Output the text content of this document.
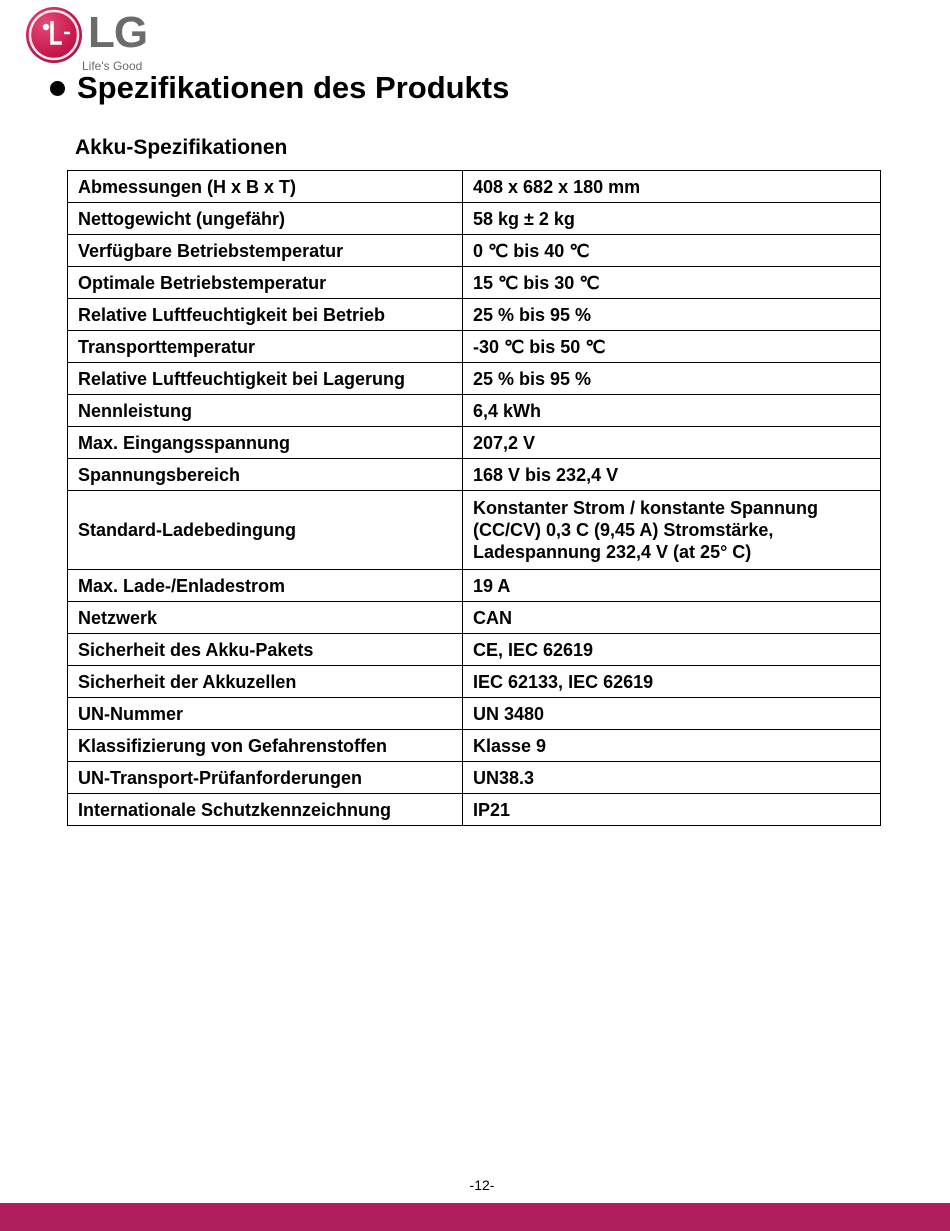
LG
Life's Good
Spezifikationen des Produkts
Akku-Spezifikationen
Abmessungen (H x B x T)	408 x 682 x 180 mm
Nettogewicht (ungefähr)	58 kg ± 2 kg
Verfügbare Betriebstemperatur	0 ℃ bis 40 ℃
Optimale Betriebstemperatur	15 ℃ bis 30 ℃
Relative Luftfeuchtigkeit bei Betrieb	25 % bis 95 %
Transporttemperatur	-30 ℃ bis 50 ℃
Relative Luftfeuchtigkeit bei Lagerung	25 % bis 95 %
Nennleistung	6,4 kWh
Max. Eingangsspannung	207,2 V
Spannungsbereich	168 V bis 232,4 V
Standard-Ladebedingung	Konstanter Strom / konstante Spannung
(CC/CV) 0,3 C (9,45 A) Stromstärke,
Ladespannung 232,4 V (at 25° C)

Max. Lade-/Enladestrom	19 A
Netzwerk	CAN
Sicherheit des Akku-Pakets	CE, IEC 62619
Sicherheit der Akkuzellen	IEC 62133, IEC 62619
UN-Nummer	UN 3480
Klassifizierung von Gefahrenstoffen	Klasse 9
UN-Transport-Prüfanforderungen	UN38.3
Internationale Schutzkennzeichnung	IP21
-12-
